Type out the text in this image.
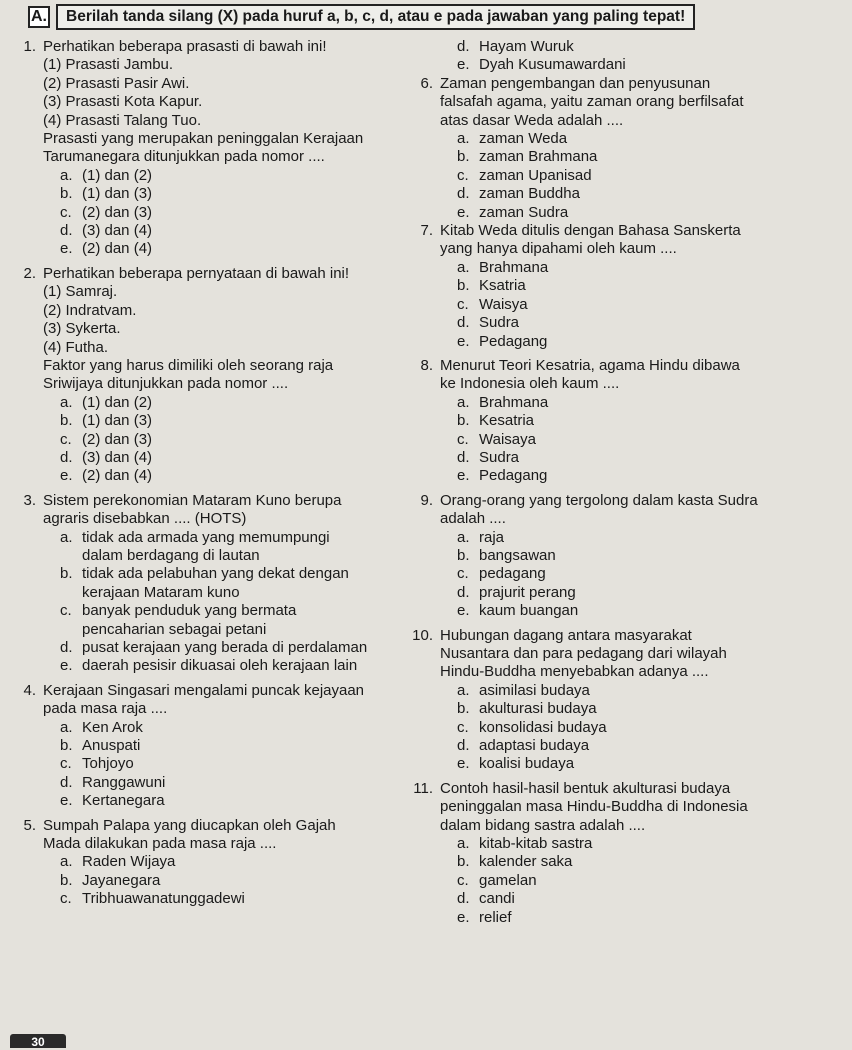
A.	Berilah tanda silang (X) pada huruf a, b, c, d, atau e pada jawaban yang paling tepat!
1. Perhatikan beberapa prasasti di bawah ini!
(1) Prasasti Jambu.
(2) Prasasti Pasir Awi.
(3) Prasasti Kota Kapur.
(4) Prasasti Talang Tuo.
Prasasti yang merupakan peninggalan Kerajaan
Tarumanegara ditunjukkan pada nomor ....
a. (1) dan (2)
b. (1) dan (3)
c. (2) dan (3)
d. (3) dan (4)
e. (2) dan (4)
2. Perhatikan beberapa pernyataan di bawah ini!
(1) Samraj.
(2) Indratvam.
(3) Sykerta.
(4) Futha.
Faktor yang harus dimiliki oleh seorang raja
Sriwijaya ditunjukkan pada nomor ....
a. (1) dan (2)
b. (1) dan (3)
c. (2) dan (3)
d. (3) dan (4)
e. (2) dan (4)
3. Sistem perekonomian Mataram Kuno berupa
agraris disebabkan .... (HOTS)
a. tidak ada armada yang memumpungi
dalam berdagang di lautan
b. tidak ada pelabuhan yang dekat dengan
kerajaan Mataram kuno
c. banyak penduduk yang bermata
pencaharian sebagai petani
d. pusat kerajaan yang berada di perdalaman
e. daerah pesisir dikuasai oleh kerajaan lain
4. Kerajaan Singasari mengalami puncak kejayaan
pada masa raja ....
a. Ken Arok
b. Anuspati
c. Tohjoyo
d. Ranggawuni
e. Kertanegara
5. Sumpah Palapa yang diucapkan oleh Gajah
Mada dilakukan pada masa raja ....
a. Raden Wijaya
b. Jayanegara
c. Tribhuawanatunggadewi
d. Hayam Wuruk
e. Dyah Kusumawardani
6. Zaman pengembangan dan penyusunan
falsafah agama, yaitu zaman orang berfilsafat
atas dasar Weda adalah ....
a. zaman Weda
b. zaman Brahmana
c. zaman Upanisad
d. zaman Buddha
e. zaman Sudra
7. Kitab Weda ditulis dengan Bahasa Sanskerta
yang hanya dipahami oleh kaum ....
a. Brahmana
b. Ksatria
c. Waisya
d. Sudra
e. Pedagang
8. Menurut Teori Kesatria, agama Hindu dibawa
ke Indonesia oleh kaum ....
a. Brahmana
b. Kesatria
c. Waisaya
d. Sudra
e. Pedagang
9. Orang-orang yang tergolong dalam kasta Sudra
adalah ....
a. raja
b. bangsawan
c. pedagang
d. prajurit perang
e. kaum buangan
10. Hubungan dagang antara masyarakat
Nusantara dan para pedagang dari wilayah
Hindu-Buddha menyebabkan adanya ....
a. asimilasi budaya
b. akulturasi budaya
c. konsolidasi budaya
d. adaptasi budaya
e. koalisi budaya
11. Contoh hasil-hasil bentuk akulturasi budaya
peninggalan masa Hindu-Buddha di Indonesia
dalam bidang sastra adalah ....
a. kitab-kitab sastra
b. kalender saka
c. gamelan
d. candi
e. relief
30
